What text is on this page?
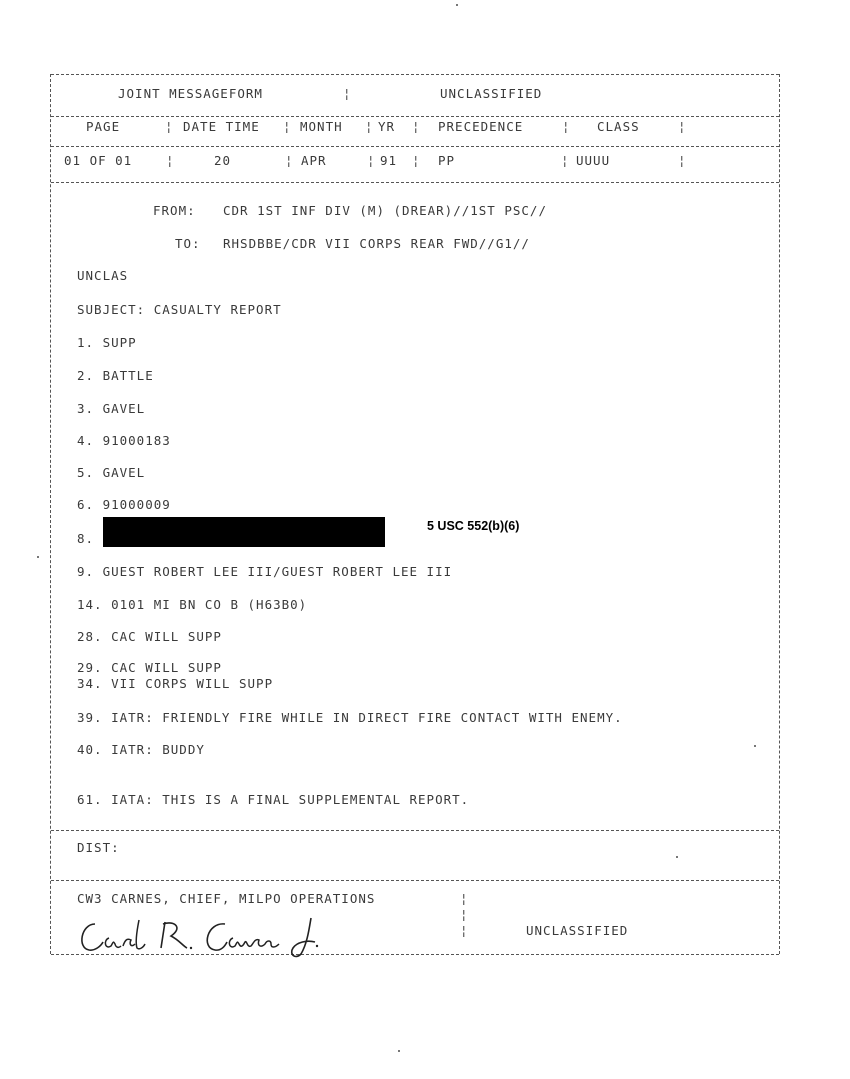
JOINT MESSAGEFORM	¦	UNCLASSIFIED
PAGE	¦ DATE TIME ¦ MONTH ¦ YR ¦ PRECEDENCE	¦ CLASS	¦
01 OF 01	¦	20	¦ APR	¦ 91 ¦ PP	¦ UUUU	¦
FROM: CDR 1ST INF DIV (M) (DREAR)//1ST PSC//
TO: RHSDBBE/CDR VII CORPS REAR FWD//G1//
UNCLAS
SUBJECT: CASUALTY REPORT
1. SUPP
2. BATTLE
3. GAVEL
4. 91000183
5. GAVEL
6. 91000009
8.
5 USC 552(b)(6)
9. GUEST ROBERT LEE III/GUEST ROBERT LEE III
14. 0101 MI BN CO B (H63B0)
28. CAC WILL SUPP
29. CAC WILL SUPP
34. VII CORPS WILL SUPP
39. IATR: FRIENDLY FIRE WHILE IN DIRECT FIRE CONTACT WITH ENEMY.
40. IATR: BUDDY
61. IATA: THIS IS A FINAL SUPPLEMENTAL REPORT.
DIST:
CW3 CARNES, CHIEF, MILPO OPERATIONS	¦
¦
¦	UNCLASSIFIED
